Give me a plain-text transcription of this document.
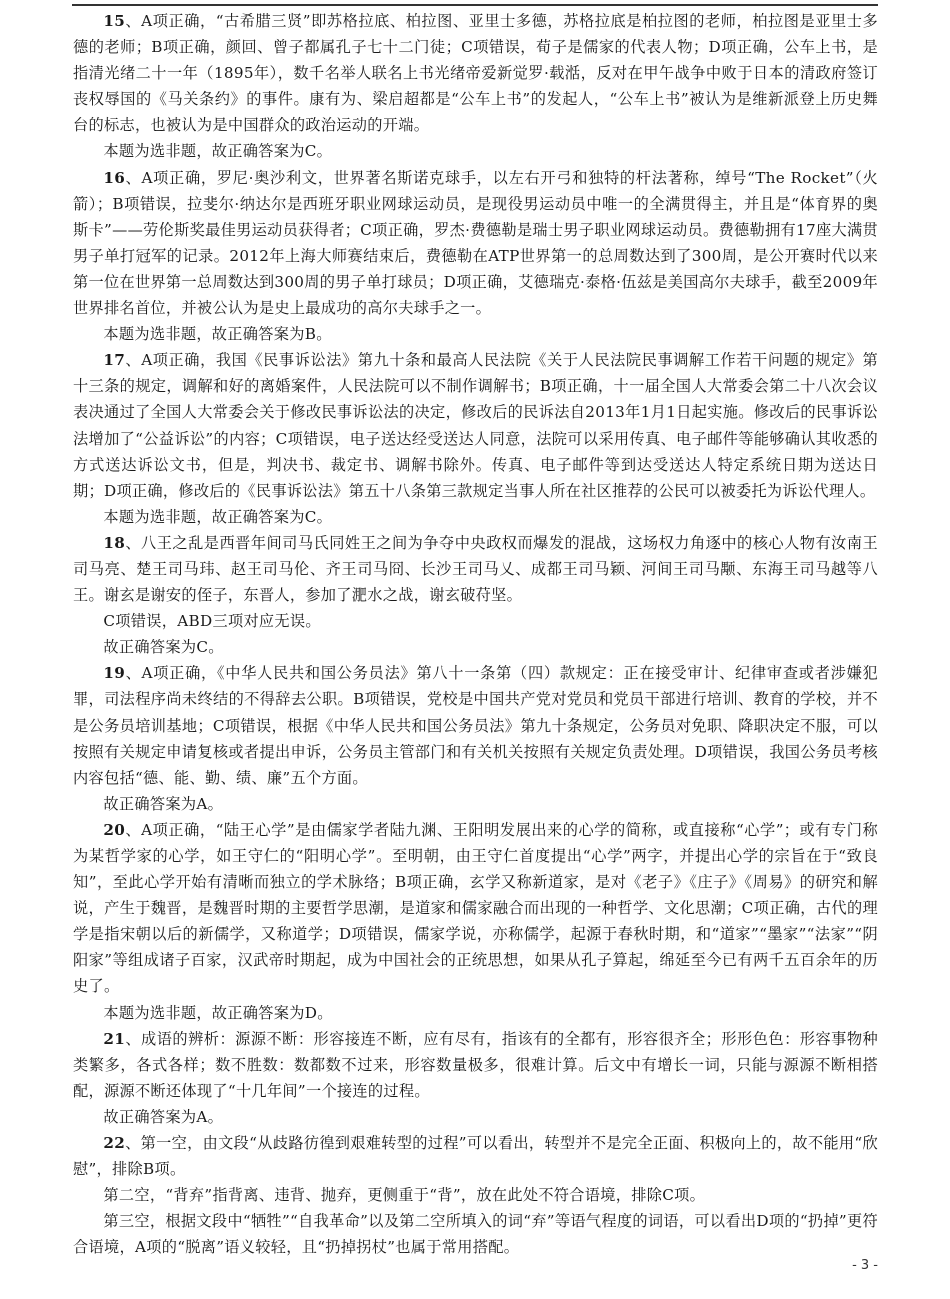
15、A项正确，“古希腊三贤”即苏格拉底、柏拉图、亚里士多德，苏格拉底是柏拉图的老师，柏拉图是亚里士多德的老师；B项正确，颜回、曾子都属孔子七十二门徒；C项错误，荀子是儒家的代表人物；D项正确，公车上书，是指清光绪二十一年（1895年），数千名举人联名上书光绪帝爱新觉罗·载湉，反对在甲午战争中败于日本的清政府签订丧权辱国的《马关条约》的事件。康有为、梁启超都是“公车上书”的发起人，“公车上书”被认为是维新派登上历史舞台的标志，也被认为是中国群众的政治运动的开端。

本题为选非题，故正确答案为C。

16、A项正确，罗尼·奥沙利文，世界著名斯诺克球手，以左右开弓和独特的杆法著称，绰号“The Rocket”（火箭）；B项错误，拉斐尔·纳达尔是西班牙职业网球运动员，是现役男运动员中唯一的全满贯得主，并且是“体育界的奥斯卡”——劳伦斯奖最佳男运动员获得者；C项正确，罗杰·费德勒是瑞士男子职业网球运动员。费德勒拥有17座大满贯男子单打冠军的记录。2012年上海大师赛结束后，费德勒在ATP世界第一的总周数达到了300周，是公开赛时代以来第一位在世界第一总周数达到300周的男子单打球员；D项正确，艾德瑞克·泰格·伍兹是美国高尔夫球手，截至2009年世界排名首位，并被公认为是史上最成功的高尔夫球手之一。

本题为选非题，故正确答案为B。

17、A项正确，我国《民事诉讼法》第九十条和最高人民法院《关于人民法院民事调解工作若干问题的规定》第十三条的规定，调解和好的离婚案件，人民法院可以不制作调解书；B项正确，十一届全国人大常委会第二十八次会议表决通过了全国人大常委会关于修改民事诉讼法的决定，修改后的民诉法自2013年1月1日起实施。修改后的民事诉讼法增加了“公益诉讼”的内容；C项错误，电子送达经受送达人同意，法院可以采用传真、电子邮件等能够确认其收悉的方式送达诉讼文书，但是，判决书、裁定书、调解书除外。传真、电子邮件等到达受送达人特定系统日期为送达日期；D项正确，修改后的《民事诉讼法》第五十八条第三款规定当事人所在社区推荐的公民可以被委托为诉讼代理人。

本题为选非题，故正确答案为C。

18、八王之乱是西晋年间司马氏同姓王之间为争夺中央政权而爆发的混战，这场权力角逐中的核心人物有汝南王司马亮、楚王司马玮、赵王司马伦、齐王司马冏、长沙王司马乂、成都王司马颖、河间王司马颙、东海王司马越等八王。谢玄是谢安的侄子，东晋人，参加了淝水之战，谢玄破苻坚。

C项错误，ABD三项对应无误。

故正确答案为C。

19、A项正确，《中华人民共和国公务员法》第八十一条第（四）款规定：正在接受审计、纪律审查或者涉嫌犯罪，司法程序尚未终结的不得辞去公职。B项错误，党校是中国共产党对党员和党员干部进行培训、教育的学校，并不是公务员培训基地；C项错误，根据《中华人民共和国公务员法》第九十条规定，公务员对免职、降职决定不服，可以按照有关规定申请复核或者提出申诉，公务员主管部门和有关机关按照有关规定负责处理。D项错误，我国公务员考核内容包括“德、能、勤、绩、廉”五个方面。

故正确答案为A。

20、A项正确，“陆王心学”是由儒家学者陆九渊、王阳明发展出来的心学的简称，或直接称“心学”；或有专门称为某哲学家的心学，如王守仁的“阳明心学”。至明朝，由王守仁首度提出“心学”两字，并提出心学的宗旨在于“致良知”，至此心学开始有清晰而独立的学术脉络；B项正确，玄学又称新道家，是对《老子》《庄子》《周易》的研究和解说，产生于魏晋，是魏晋时期的主要哲学思潮，是道家和儒家融合而出现的一种哲学、文化思潮；C项正确，古代的理学是指宋朝以后的新儒学，又称道学；D项错误，儒家学说，亦称儒学，起源于春秋时期，和“道家”“墨家”“法家”“阴阳家”等组成诸子百家，汉武帝时期起，成为中国社会的正统思想，如果从孔子算起，绵延至今已有两千五百余年的历史了。

本题为选非题，故正确答案为D。

21、成语的辨析：源源不断：形容接连不断，应有尽有，指该有的全都有，形容很齐全；形形色色：形容事物种类繁多，各式各样；数不胜数：数都数不过来，形容数量极多，很难计算。后文中有增长一词，只能与源源不断相搭配，源源不断还体现了“十几年间”一个接连的过程。

故正确答案为A。

22、第一空，由文段“从歧路彷徨到艰难转型的过程”可以看出，转型并不是完全正面、积极向上的，故不能用“欣慰”，排除B项。

第二空，“背弃”指背离、违背、抛弃，更侧重于“背”，放在此处不符合语境，排除C项。

第三空，根据文段中“牺牲”“自我革命”以及第二空所填入的词“弃”等语气程度的词语，可以看出D项的“扔掉”更符合语境，A项的“脱离”语义较轻，且“扔掉拐杖”也属于常用搭配。

- 3 -
